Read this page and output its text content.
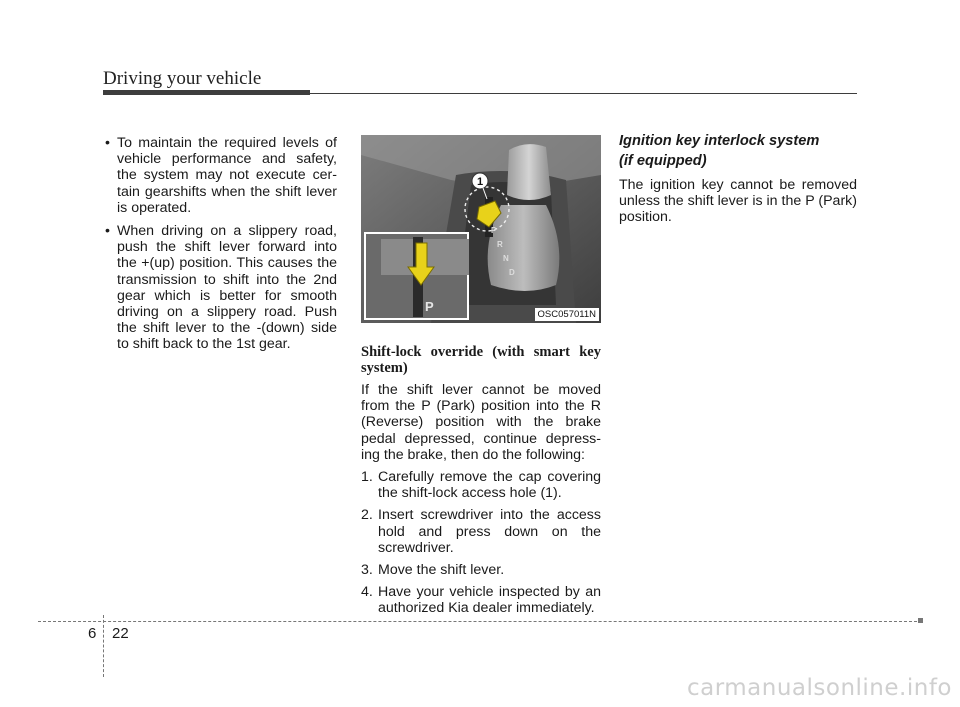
Driving your vehicle

• To maintain the required levels of vehicle performance and safety, the system may not execute cer-tain gearshifts when the shift lever is operated.

• When driving on a slippery road, push the shift lever forward into the +(up) position. This causes the transmission to shift into the 2nd gear which is better for smooth driving on a slippery road. Push the shift lever to the -(down) side to shift back to the 1st gear.

1
P
R
N
D
P
OSC057011N

Shift-lock override (with smart key system)

If the shift lever cannot be moved from the P (Park) position into the R (Reverse) position with the brake pedal depressed, continue depress-ing the brake, then do the following:

1. Carefully remove the cap covering the shift-lock access hole (1).
2. Insert screwdriver into the access hold and press down on the screwdriver.
3. Move the shift lever.
4. Have your vehicle inspected by an authorized Kia dealer immediately.

Ignition key interlock system

(if equipped)

The ignition key cannot be removed unless the shift lever is in the P (Park) position.

6 22
carmanualsonline.info
